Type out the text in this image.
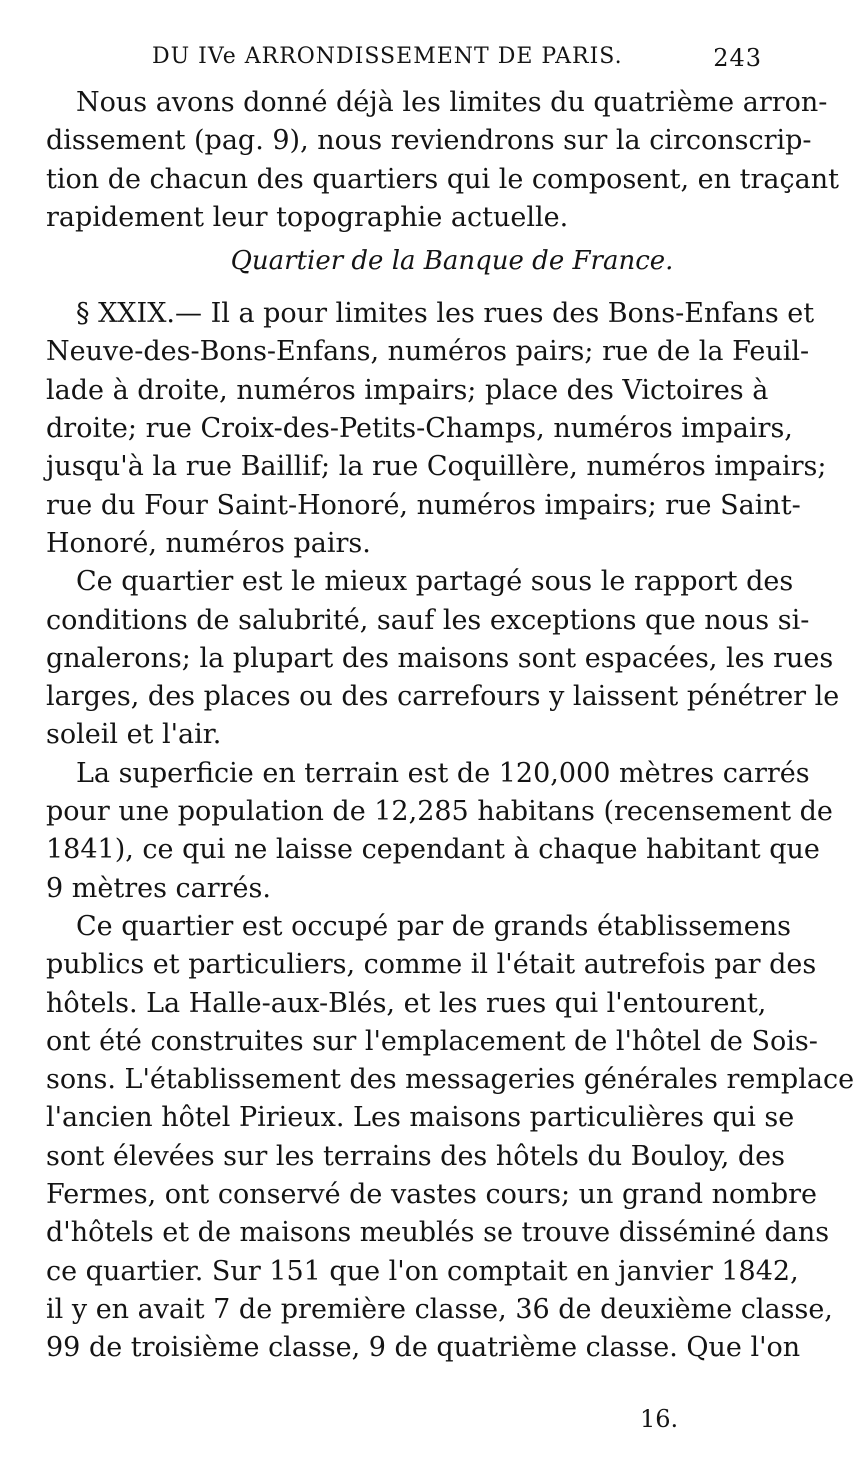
DU IVe ARRONDISSEMENT DE PARIS.	243
Nous avons donné déjà les limites du quatrième arron-
dissement (pag. 9), nous reviendrons sur la circonscrip-
tion de chacun des quartiers qui le composent, en traçant
rapidement leur topographie actuelle.
Quartier de la Banque de France.
§ XXIX.— Il a pour limites les rues des Bons-Enfans et
Neuve-des-Bons-Enfans, numéros pairs; rue de la Feuil-
lade à droite, numéros impairs; place des Victoires à
droite; rue Croix-des-Petits-Champs, numéros impairs,
jusqu'à la rue Baillif; la rue Coquillère, numéros impairs;
rue du Four Saint-Honoré, numéros impairs; rue Saint-
Honoré, numéros pairs.
Ce quartier est le mieux partagé sous le rapport des
conditions de salubrité, sauf les exceptions que nous si-
gnalerons; la plupart des maisons sont espacées, les rues
larges, des places ou des carrefours y laissent pénétrer le
soleil et l'air.
La superficie en terrain est de 120,000 mètres carrés
pour une population de 12,285 habitans (recensement de
1841), ce qui ne laisse cependant à chaque habitant que
9 mètres carrés.
Ce quartier est occupé par de grands établissemens
publics et particuliers, comme il l'était autrefois par des
hôtels. La Halle-aux-Blés, et les rues qui l'entourent,
ont été construites sur l'emplacement de l'hôtel de Sois-
sons. L'établissement des messageries générales remplace
l'ancien hôtel Pirieux. Les maisons particulières qui se
sont élevées sur les terrains des hôtels du Bouloy, des
Fermes, ont conservé de vastes cours; un grand nombre
d'hôtels et de maisons meublés se trouve disséminé dans
ce quartier. Sur 151 que l'on comptait en janvier 1842,
il y en avait 7 de première classe, 36 de deuxième classe,
99 de troisième classe, 9 de quatrième classe. Que l'on
16.
